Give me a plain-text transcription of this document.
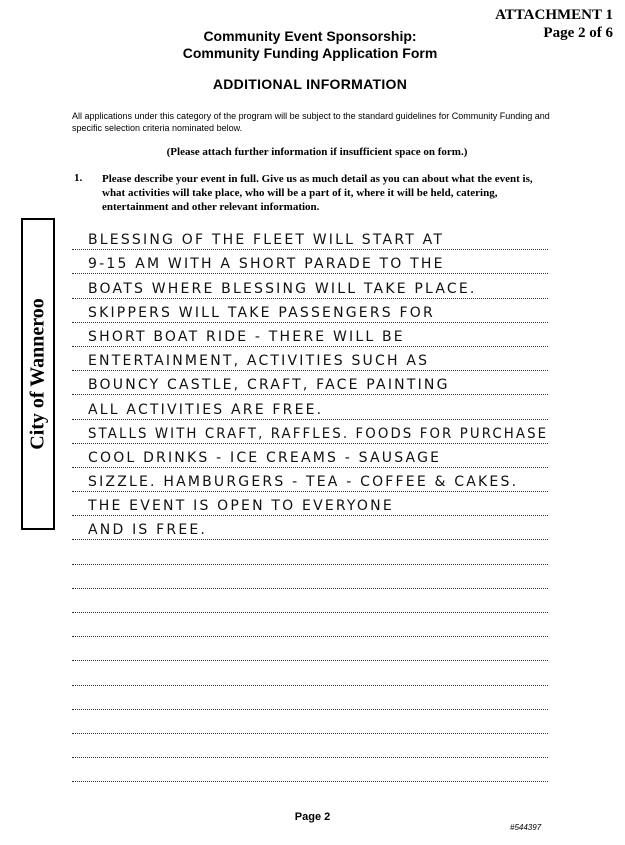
ATTACHMENT 1
Page 2 of 6
City of Wanneroo
Community Event Sponsorship:
Community Funding Application Form
ADDITIONAL INFORMATION
All applications under this category of the program will be subject to the standard guidelines for Community Funding and specific selection criteria nominated below.
(Please attach further information if insufficient space on form.)
1. Please describe your event in full. Give us as much detail as you can about what the event is, what activities will take place, who will be a part of it, where it will be held, catering, entertainment and other relevant information.
BLESSING OF THE FLEET WILL START AT
9-15 AM WITH A SHORT PARADE TO THE
BOATS WHERE BLESSING WILL TAKE PLACE.
SKIPPERS WILL TAKE PASSENGERS FOR
SHORT BOAT RIDE - THERE WILL BE
ENTERTAINMENT, ACTIVITIES SUCH AS
BOUNCY CASTLE, CRAFT, FACE PAINTING
ALL ACTIVITIES ARE FREE.
STALLS WITH CRAFT, RAFFLES. FOODS FOR PURCHASE
COOL DRINKS - ICE CREAMS - SAUSAGE
SIZZLE. HAMBURGERS - TEA - COFFEE & CAKES.
THE EVENT IS OPEN TO EVERYONE
AND IS FREE.
Page 2
#544397
